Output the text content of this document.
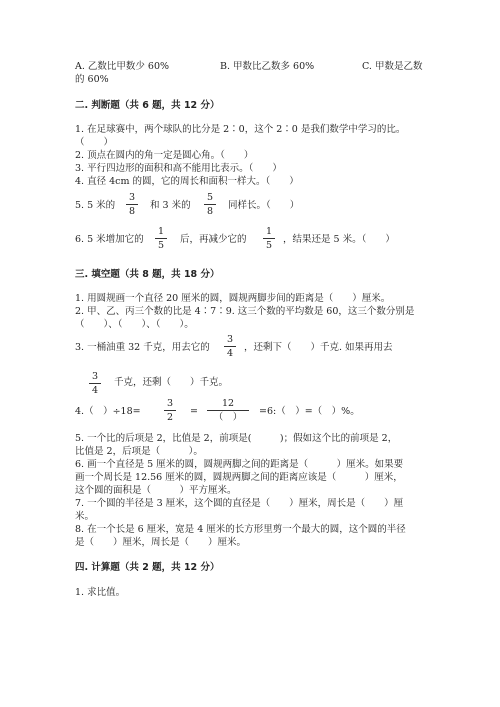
A. 乙数比甲数少 60%	B. 甲数比乙数多 60%	C. 甲数是乙数
的 60%
二. 判断题（共 6 题，共 12 分）
1. 在足球赛中，两个球队的比分是 2∶0，这个 2∶0 是我们数学中学习的比。
（　　）
2. 顶点在圆内的角一定是圆心角。（　　）
3. 平行四边形的面积和高不能用比表示。（　　）
4. 直径 4cm 的圆，它的周长和面积一样大。（　　）
5. 5 米的
3
8
和 3 米的
5
8
同样长。（　　）
6. 5 米增加它的
1
5
后，再减少它的
1
5
，结果还是 5 米。（　　）
三. 填空题（共 8 题，共 18 分）
1. 用圆规画一个直径 20 厘米的圆，圆规两脚步间的距离是（　　）厘米。
2. 甲、乙、丙三个数的比是 4∶7∶9. 这三个数的平均数是 60，这三个数分别是
（　　）、（　　）、（　　）。
3. 一桶油重 32 千克，用去它的
3
4
，还剩下（　　）千克. 如果再用去
3
4
千克，还剩（　　）千克。
4.（　）÷18=
3
2
=
12
（　）
=6:（　）=（　）%。
5. 一个比的后项是 2，比值是 2，前项是(　　　)；假如这个比的前项是 2，
比值是 2，后项是（　　　）。
6. 画一个直径是 5 厘米的圆，圆规两脚之间的距离是（　　　）厘米。如果要
画一个周长是 12.56 厘米的圆，圆规两脚之间的距离应该是（　　　）厘米，
这个圆的面积是（　　　）平方厘米。
7. 一个圆的半径是 3 厘米，这个圆的直径是（　　）厘米，周长是（　　）厘
米。
8. 在一个长是 6 厘米，宽是 4 厘米的长方形里剪一个最大的圆，这个圆的半径
是（　　）厘米，周长是（　　）厘米。
四. 计算题（共 2 题，共 12 分）
1. 求比值。
